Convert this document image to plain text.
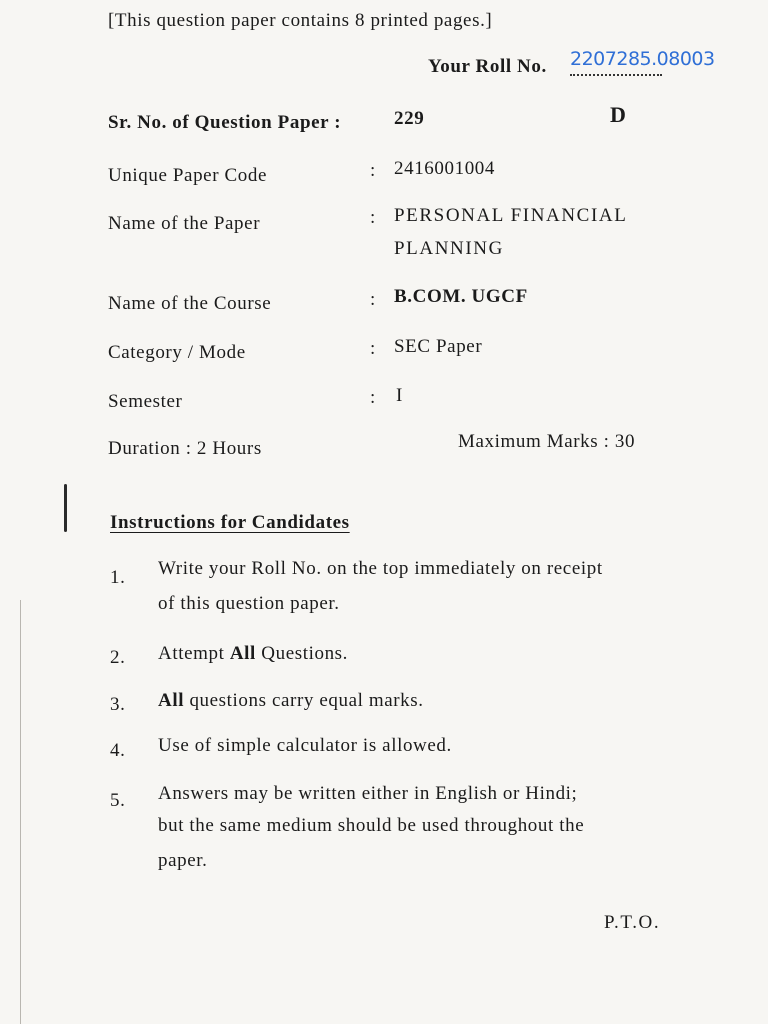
[This question paper contains 8 printed pages.]
Your Roll No. 2207285.08003
Sr. No. of Question Paper :	229	D
Unique Paper Code	: 2416001004
Name of the Paper	: PERSONAL FINANCIAL
PLANNING
Name of the Course	: B.COM. UGCF
Category / Mode	: SEC Paper
Semester	: I
Duration : 2 Hours	Maximum Marks : 30
Instructions for Candidates
1. Write your Roll No. on the top immediately on receipt
of this question paper.
2. Attempt All Questions.
3. All questions carry equal marks.
4. Use of simple calculator is allowed.
5. Answers may be written either in English or Hindi;
but the same medium should be used throughout the
paper.
P.T.O.
